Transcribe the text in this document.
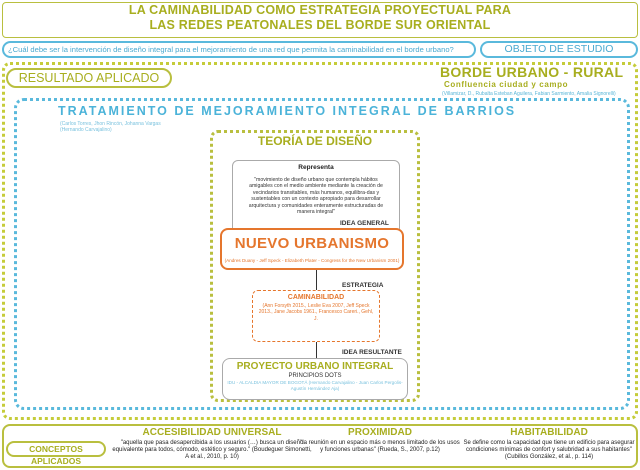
LA CAMINABILIDAD COMO ESTRATEGIA PROYECTUAL PARA
LAS REDES PEATONALES DEL BORDE SUR ORIENTAL
¿Cuál debe ser la intervención de diseño integral para el mejoramiento de una red que permita la caminabilidad en el borde urbano?	OBJETO DE ESTUDIO
RESULTADO APLICADO	BORDE URBANO - RURAL
Confluencia ciudad y campo
(Villamizar, D., Rubalta Esteban Aguilera, Fabian Sarmiento, Amalia Signorelli)
TRATAMIENTO DE MEJORAMIENTO INTEGRAL DE BARRIOS
(Carlos Torres, Jhon Rincón, Johanna Vargas (Hernando Carvajalino)
TEORÍA DE DISEÑO
Representa
"movimiento de diseño urbano que contempla hábitos amigables con el medio ambiente mediante la creación de vecindarios transitables, más humanos, equilibra-das y sustentables con un contexto apropiado para desarrollar arquitectura y comunidades enteramente estructuradas de manera integral"
IDEA GENERAL
NUEVO URBANISMO
(Andres Duany - Jeff Speck - Elizabeth Plater - Congress for the New Urbanism 2001)
ESTRATEGIA
CAMINABILIDAD
(Ann Forsyth 2015., Leslie Eva 2007, Jeff Speck 2013., Jane Jacobs 1961., Francesco Careri., Gehl, J.
IDEA RESULTANTE
PROYECTO URBANO INTEGRAL
PRINCIPIOS DOTS
IDU - ALCALDIA MAYOR DE BOGOTÁ (Hernando Carvajalino - Juan Carlos Pergolis- Agustín Hernández Aja)
CONCEPTOS APLICADOS
ACCESIBILIDAD UNIVERSAL
"aquella que pasa desapercibida a los usuarios (…) busca un diseño equivalente para todos, cómodo, estético y seguro." (Boudeguer Simonetti, A et al., 2010, p. 10)
PROXIMIDAD
"la reunión en un espacio más o menos limitado de los usos y funciones urbanas" (Rueda, S., 2007, p.12)
HABITABILIDAD
Se define como la capacidad que tiene un edificio para asegurar condiciones mínimas de confort y salubridad a sus habitantes" (Cubillos González, et al., p. 114)
